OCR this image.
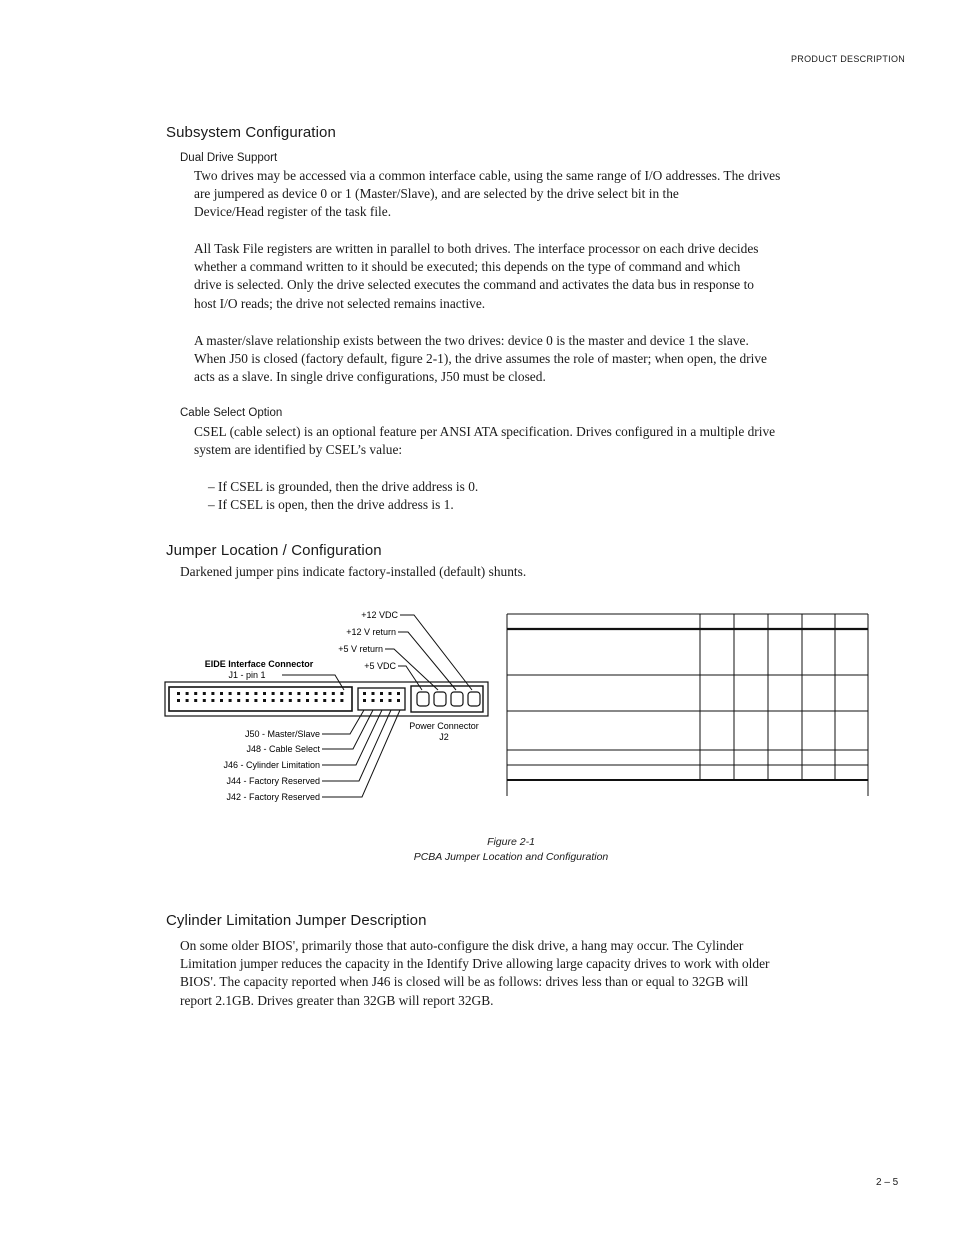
PRODUCT DESCRIPTION
Subsystem Configuration
Dual Drive Support
Two drives may be accessed via a common interface cable, using the same range of I/O addresses. The drives
are jumpered as device 0 or 1 (Master/Slave), and are selected by the drive select bit in the
Device/Head register of the task file.
All Task File registers are written in parallel to both drives. The interface processor on each drive decides
whether a command written to it should be executed; this depends on the type of command and which
drive is selected. Only the drive selected executes the command and activates the data bus in response to
host I/O reads; the drive not selected remains inactive.
A master/slave relationship exists between the two drives: device 0 is the master and device 1 the slave.
When J50 is closed (factory default, figure 2-1), the drive assumes the role of master; when open, the drive
acts as a slave. In single drive configurations, J50 must be closed.
Cable Select Option
CSEL (cable select) is an optional feature per ANSI ATA specification. Drives configured in a multiple drive
system are identified by CSEL’s value:
– If CSEL is grounded, then the drive address is 0.
– If CSEL is open, then the drive address is 1.
Jumper Location / Configuration
Darkened jumper pins indicate factory-installed (default) shunts.
+12 VDC
+12 V return
+5 V return
+5 VDC
EIDE Interface Connector
J1 - pin 1
Power Connector
J2
J50 - Master/Slave
J48 - Cable Select
J46 - Cylinder Limitation
J44 - Factory Reserved
J42 - Factory Reserved
Figure 2-1
PCBA Jumper Location and Configuration
Cylinder Limitation Jumper Description
On some older BIOS', primarily those that auto-configure the disk drive, a hang may occur. The Cylinder
Limitation jumper reduces the capacity in the Identify Drive allowing large capacity drives to work with older
BIOS'. The capacity reported when J46 is closed will be as follows: drives less than or equal to 32GB will
report 2.1GB. Drives greater than 32GB will report 32GB.
2 – 5
